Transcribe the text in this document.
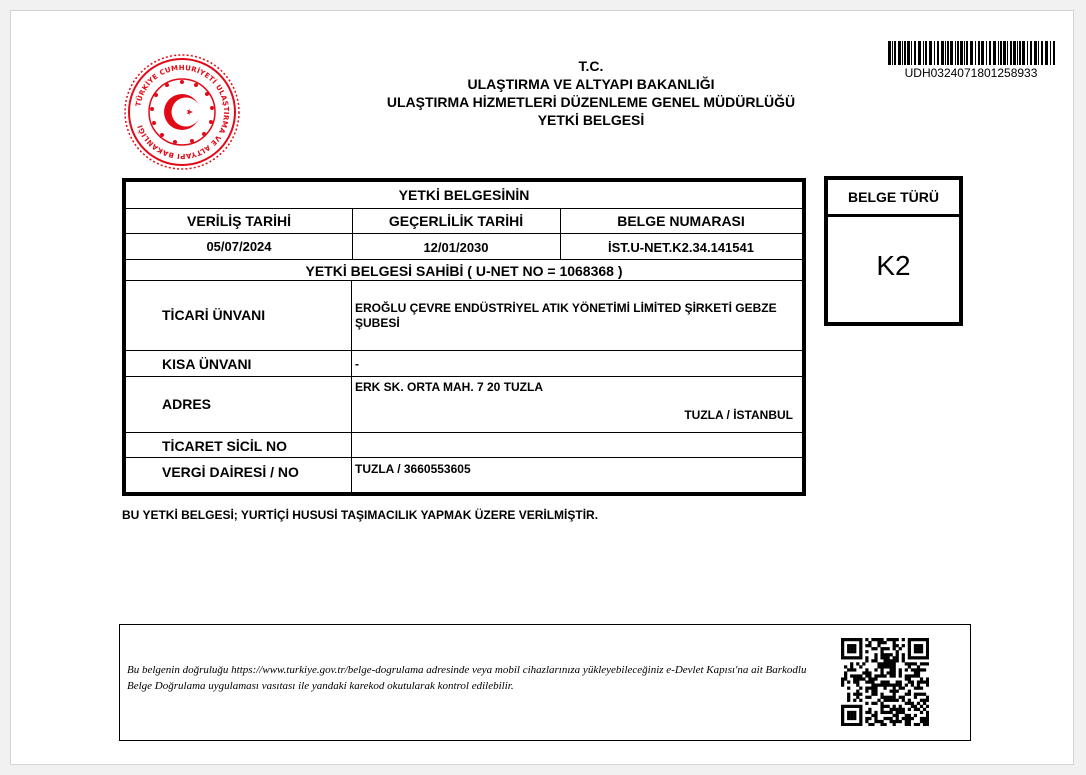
TÜRKİYE CUMHURİYETİ ULAŞTIRMA VE ALTYAPI BAKANLIĞI
T.C.
ULAŞTIRMA VE ALTYAPI BAKANLIĞI
ULAŞTIRMA HİZMETLERİ DÜZENLEME GENEL MÜDÜRLÜĞÜ
YETKİ BELGESİ
UDH0324071801258933
YETKİ BELGESİNİN
VERİLİŞ TARİHİ	GEÇERLİLİK TARİHİ	BELGE NUMARASI
05/07/2024	12/01/2030	İST.U-NET.K2.34.141541
YETKİ BELGESİ SAHİBİ ( U-NET NO = 1068368 )
TİCARİ ÜNVANI	EROĞLU ÇEVRE ENDÜSTRİYEL ATIK YÖNETİMİ LİMİTED ŞİRKETİ GEBZE ŞUBESİ
KISA ÜNVANI	-
ADRES
ERK SK. ORTA MAH. 7 20 TUZLA
TUZLA / İSTANBUL
TİCARET SİCİL NO
VERGİ DAİRESİ / NO	TUZLA / 3660553605
BELGE TÜRÜ
K2
BU YETKİ BELGESİ; YURTİÇİ HUSUSİ TAŞIMACILIK YAPMAK ÜZERE VERİLMİŞTİR.
Bu belgenin doğruluğu https://www.turkiye.gov.tr/belge-dogrulama adresinde veya mobil cihazlarınıza yükleyebileceğiniz e-Devlet Kapısı'na ait Barkodlu Belge Doğrulama uygulaması vasıtası ile yandaki karekod okutularak kontrol edilebilir.
